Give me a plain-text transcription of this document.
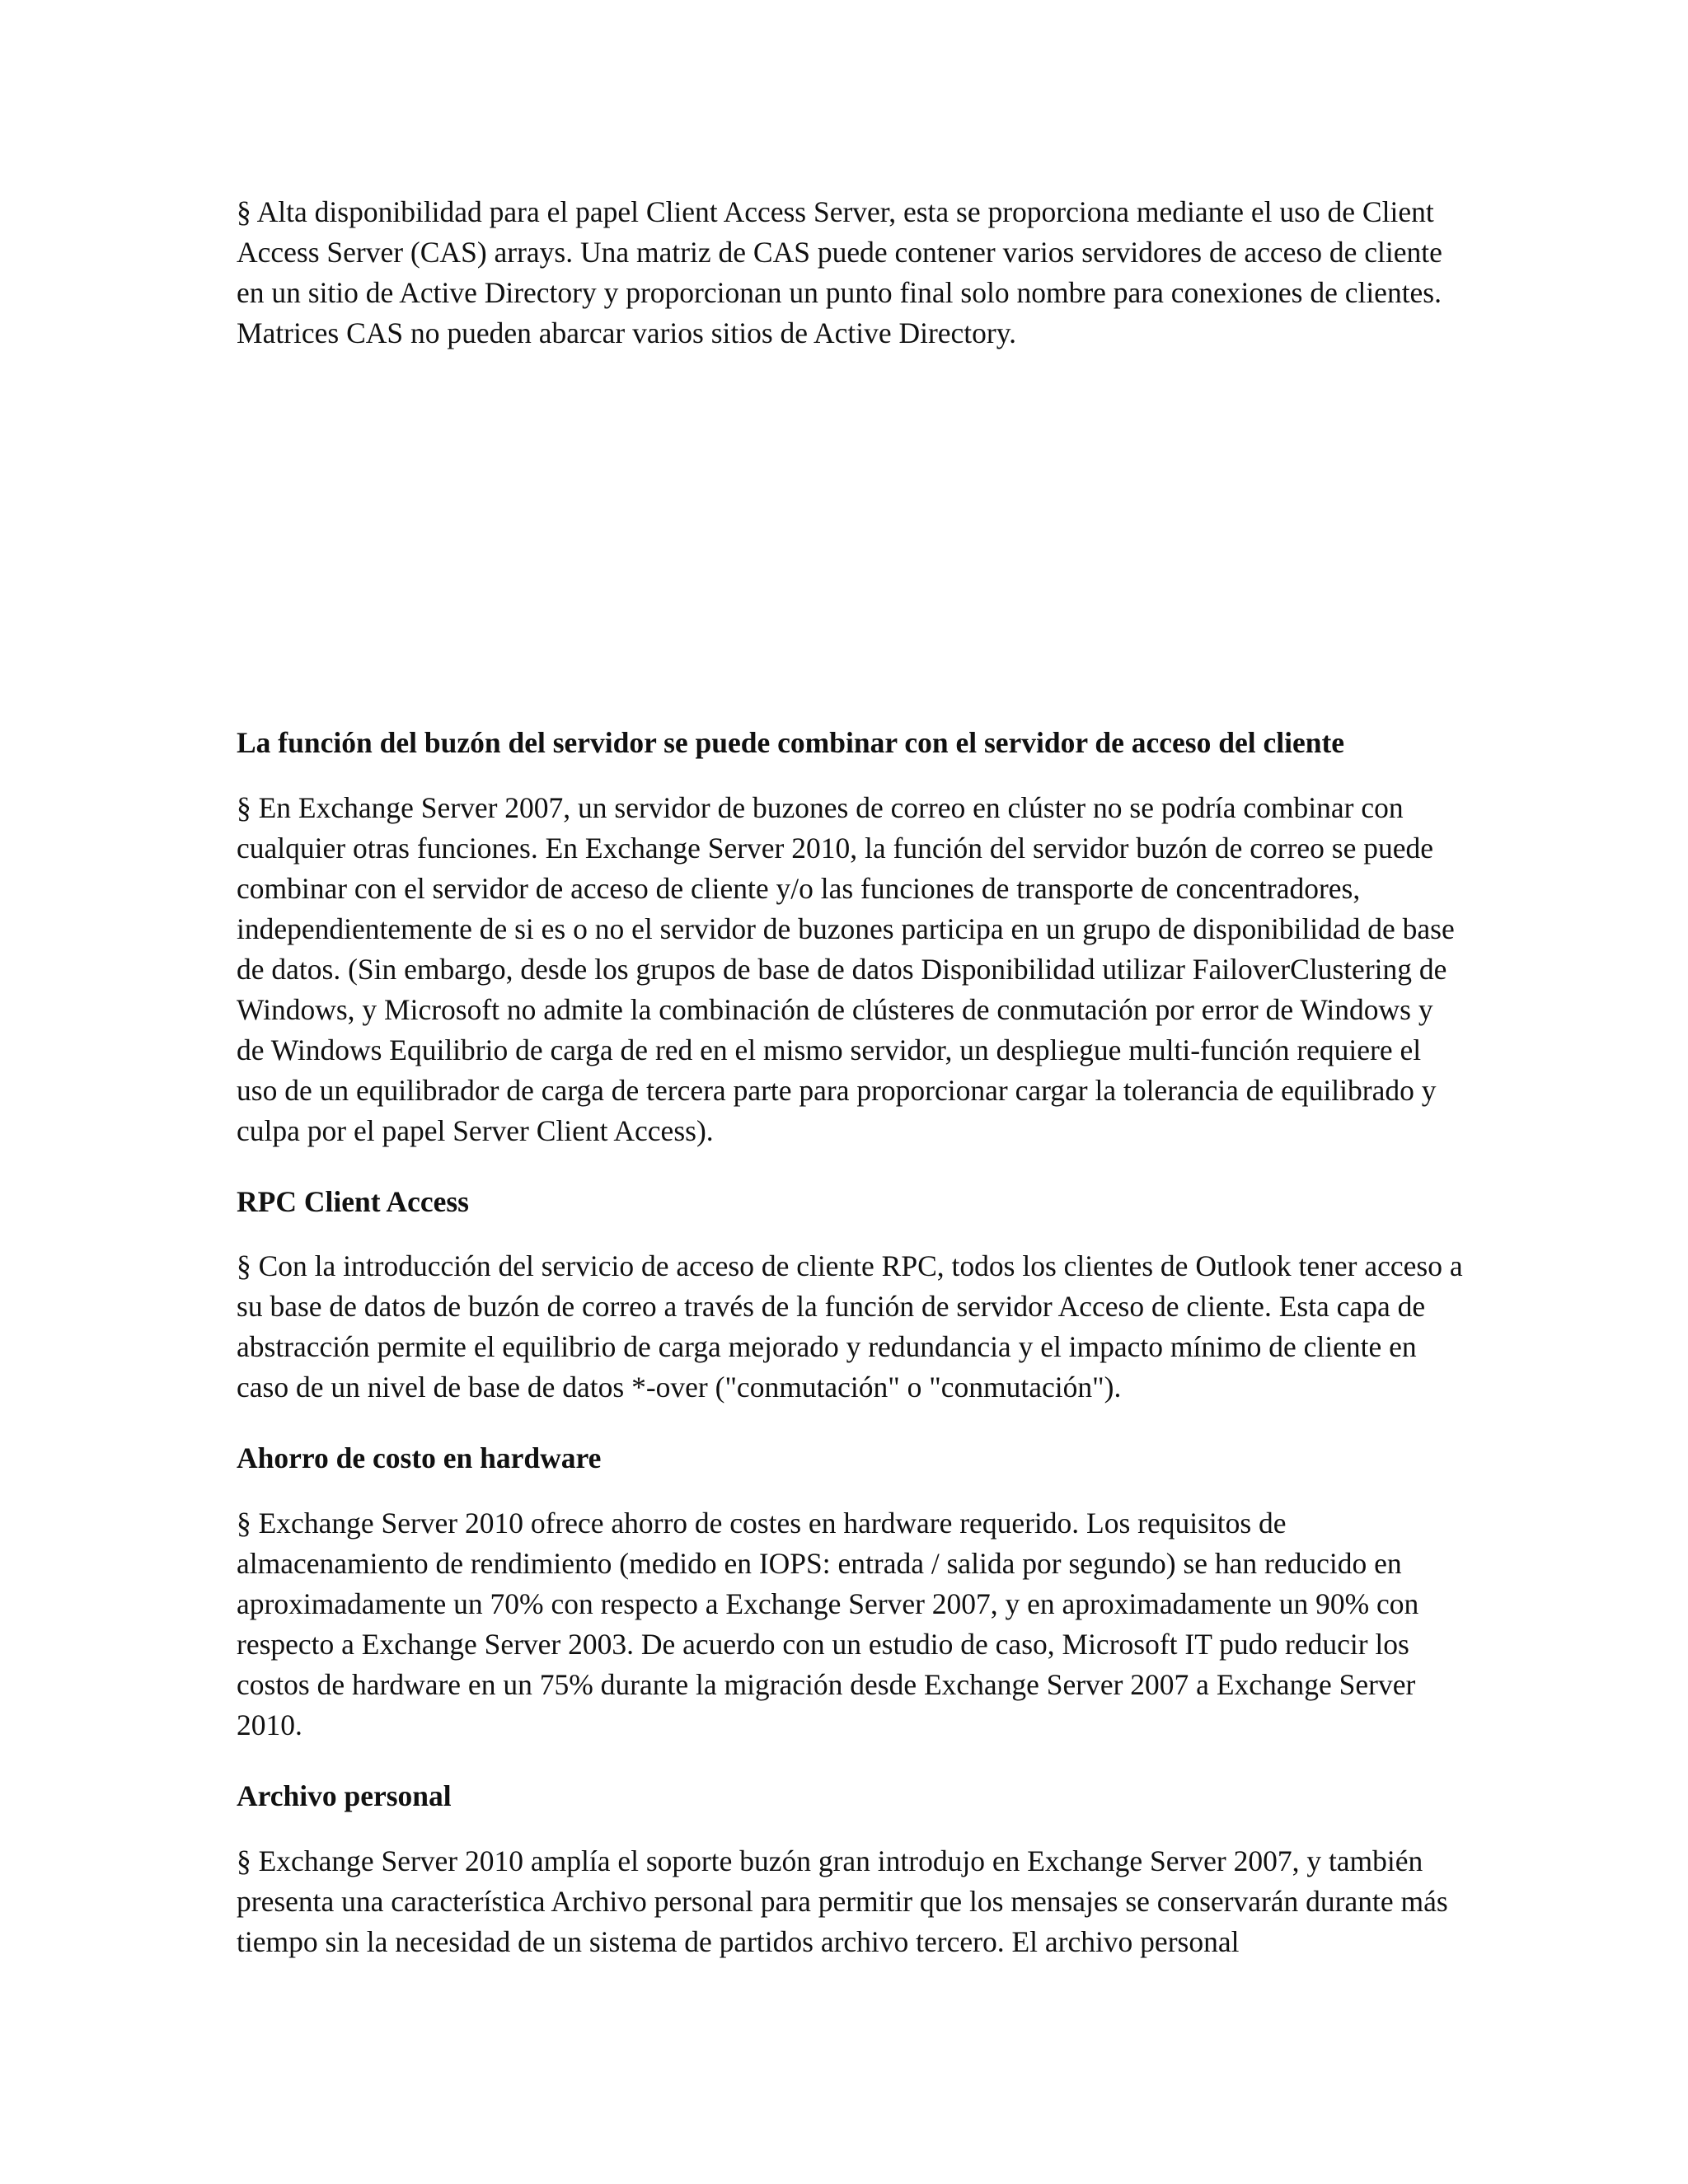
§ Alta disponibilidad para el papel Client Access Server, esta se proporciona mediante el uso de Client Access Server (CAS) arrays. Una matriz de CAS puede contener varios servidores de acceso de cliente en un sitio de Active Directory y proporcionan un punto final solo nombre para conexiones de clientes. Matrices CAS no pueden abarcar varios sitios de Active Directory.

La función del buzón del servidor se puede combinar con el servidor de acceso del cliente

§ En Exchange Server 2007, un servidor de buzones de correo en clúster no se podría combinar con cualquier otras funciones. En Exchange Server 2010, la función del servidor buzón de correo se puede combinar con el servidor de acceso de cliente y/o las funciones de transporte de concentradores, independientemente de si es o no el servidor de buzones participa en un grupo de disponibilidad de base de datos. (Sin embargo, desde los grupos de base de datos Disponibilidad utilizar FailoverClustering de Windows, y Microsoft no admite la combinación de clústeres de conmutación por error de Windows y de Windows Equilibrio de carga de red en el mismo servidor, un despliegue multi-función requiere el uso de un equilibrador de carga de tercera parte para proporcionar cargar la tolerancia de equilibrado y culpa por el papel Server Client Access).

RPC Client Access

§ Con la introducción del servicio de acceso de cliente RPC, todos los clientes de Outlook tener acceso a su base de datos de buzón de correo a través de la función de servidor Acceso de cliente. Esta capa de abstracción permite el equilibrio de carga mejorado y redundancia y el impacto mínimo de cliente en caso de un nivel de base de datos *-over ("conmutación" o "conmutación").

Ahorro de costo en hardware

§ Exchange Server 2010 ofrece ahorro de costes en hardware requerido. Los requisitos de almacenamiento de rendimiento (medido en IOPS: entrada / salida por segundo) se han reducido en aproximadamente un 70% con respecto a Exchange Server 2007, y en aproximadamente un 90% con respecto a Exchange Server 2003. De acuerdo con un estudio de caso, Microsoft IT pudo reducir los costos de hardware en un 75% durante la migración desde Exchange Server 2007 a Exchange Server 2010.

Archivo personal

§ Exchange Server 2010 amplía el soporte buzón gran introdujo en Exchange Server 2007, y también presenta una característica Archivo personal para permitir que los mensajes se conservarán durante más tiempo sin la necesidad de un sistema de partidos archivo tercero. El archivo personal
